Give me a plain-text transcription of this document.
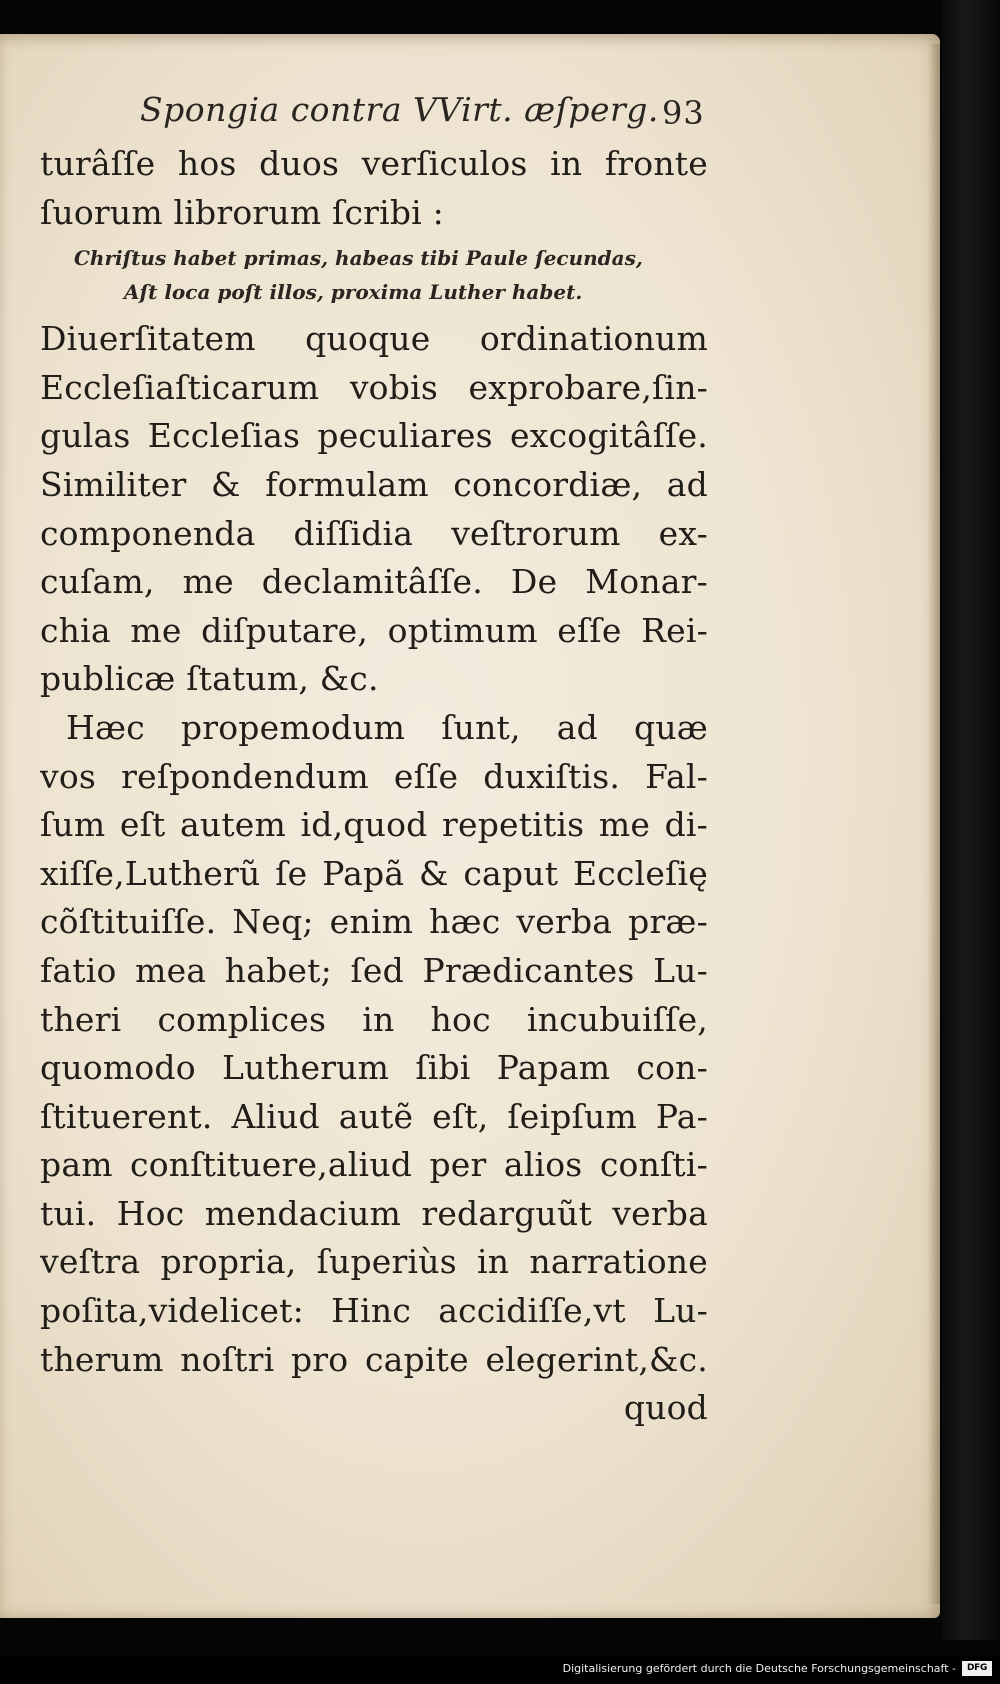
Spongia contra VVirt. æſperg. 93
turâſſe hos duos verſiculos in fronte
ſuorum librorum ſcribi :
Chriſtus habet primas, habeas tibi Paule ſecundas,
Aſt loca poſt illos, proxima Luther habet.
Diuerſitatem quoque ordinationum
Eccleſiaſticarum vobis exprobare,ſin-
gulas Eccleſias peculiares excogitâſſe.
Similiter & formulam concordiæ, ad
componenda diſſidia veſtrorum ex-
cuſam, me declamitâſſe. De Monar-
chia me diſputare, optimum eſſe Rei-
publicæ ſtatum, &c.
Hæc propemodum ſunt, ad quæ
vos reſpondendum eſſe duxiſtis. Fal-
ſum eſt autem id,quod repetitis me di-
xiſſe,Lutherũ ſe Papã & caput Eccleſię
cõſtituiſſe. Neq; enim hæc verba præ-
fatio mea habet; ſed Prædicantes Lu-
theri complices in hoc incubuiſſe,
quomodo Lutherum ſibi Papam con-
ſtituerent. Aliud autẽ eſt, ſeipſum Pa-
pam conſtituere,aliud per alios conſti-
tui. Hoc mendacium redarguũt verba
veſtra propria, ſuperiùs in narratione
poſita,videlicet: Hinc accidiſſe,vt Lu-
therum noſtri pro capite elegerint,&c.
quod
Digitalisierung gefördert durch die Deutsche Forschungsgemeinschaft -	DFG
